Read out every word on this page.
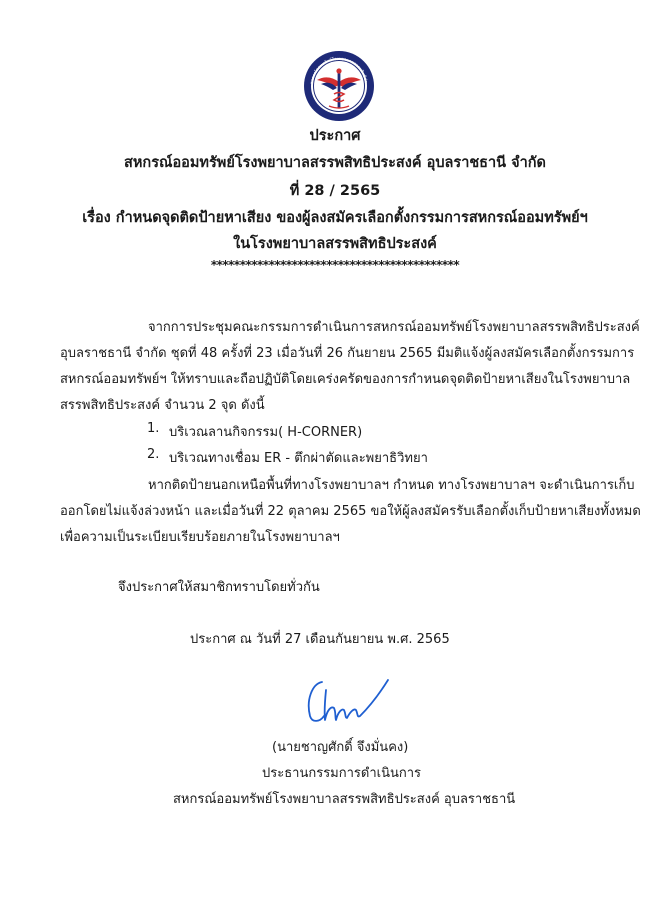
สหกรณ์ออมทรัพย์โรงพยาบาลสรรพสิทธิประ
ประกาศ
สหกรณ์ออมทรัพย์โรงพยาบาลสรรพสิทธิประสงค์ อุบลราชธานี จำกัด
ที่ 28 / 2565
เรื่อง กำหนดจุดติดป้ายหาเสียง ของผู้ลงสมัครเลือกตั้งกรรมการสหกรณ์ออมทรัพย์ฯ
ในโรงพยาบาลสรรพสิทธิประสงค์
*******************************************
จากการประชุมคณะกรรมการดำเนินการสหกรณ์ออมทรัพย์โรงพยาบาลสรรพสิทธิประสงค์
อุบลราชธานี จำกัด ชุดที่ 48 ครั้งที่ 23 เมื่อวันที่ 26 กันยายน 2565 มีมติแจ้งผู้ลงสมัครเลือกตั้งกรรมการ
สหกรณ์ออมทรัพย์ฯ ให้ทราบและถือปฏิบัติโดยเคร่งครัดของการกำหนดจุดติดป้ายหาเสียงในโรงพยาบาล
สรรพสิทธิประสงค์ จำนวน 2 จุด ดังนี้
1. บริเวณลานกิจกรรม( H-CORNER)
2. บริเวณทางเชื่อม ER - ตึกผ่าตัดและพยาธิวิทยา
หากติดป้ายนอกเหนือพื้นที่ทางโรงพยาบาลฯ กำหนด ทางโรงพยาบาลฯ จะดำเนินการเก็บ
ออกโดยไม่แจ้งล่วงหน้า และเมื่อวันที่ 22 ตุลาคม 2565 ขอให้ผู้ลงสมัครรับเลือกตั้งเก็บป้ายหาเสียงทั้งหมด
เพื่อความเป็นระเบียบเรียบร้อยภายในโรงพยาบาลฯ
จึงประกาศให้สมาชิกทราบโดยทั่วกัน
ประกาศ ณ วันที่ 27 เดือนกันยายน พ.ศ. 2565
(นายชาญศักดิ์ จึงมั่นคง)
ประธานกรรมการดำเนินการ
สหกรณ์ออมทรัพย์โรงพยาบาลสรรพสิทธิประสงค์ อุบลราชธานี
